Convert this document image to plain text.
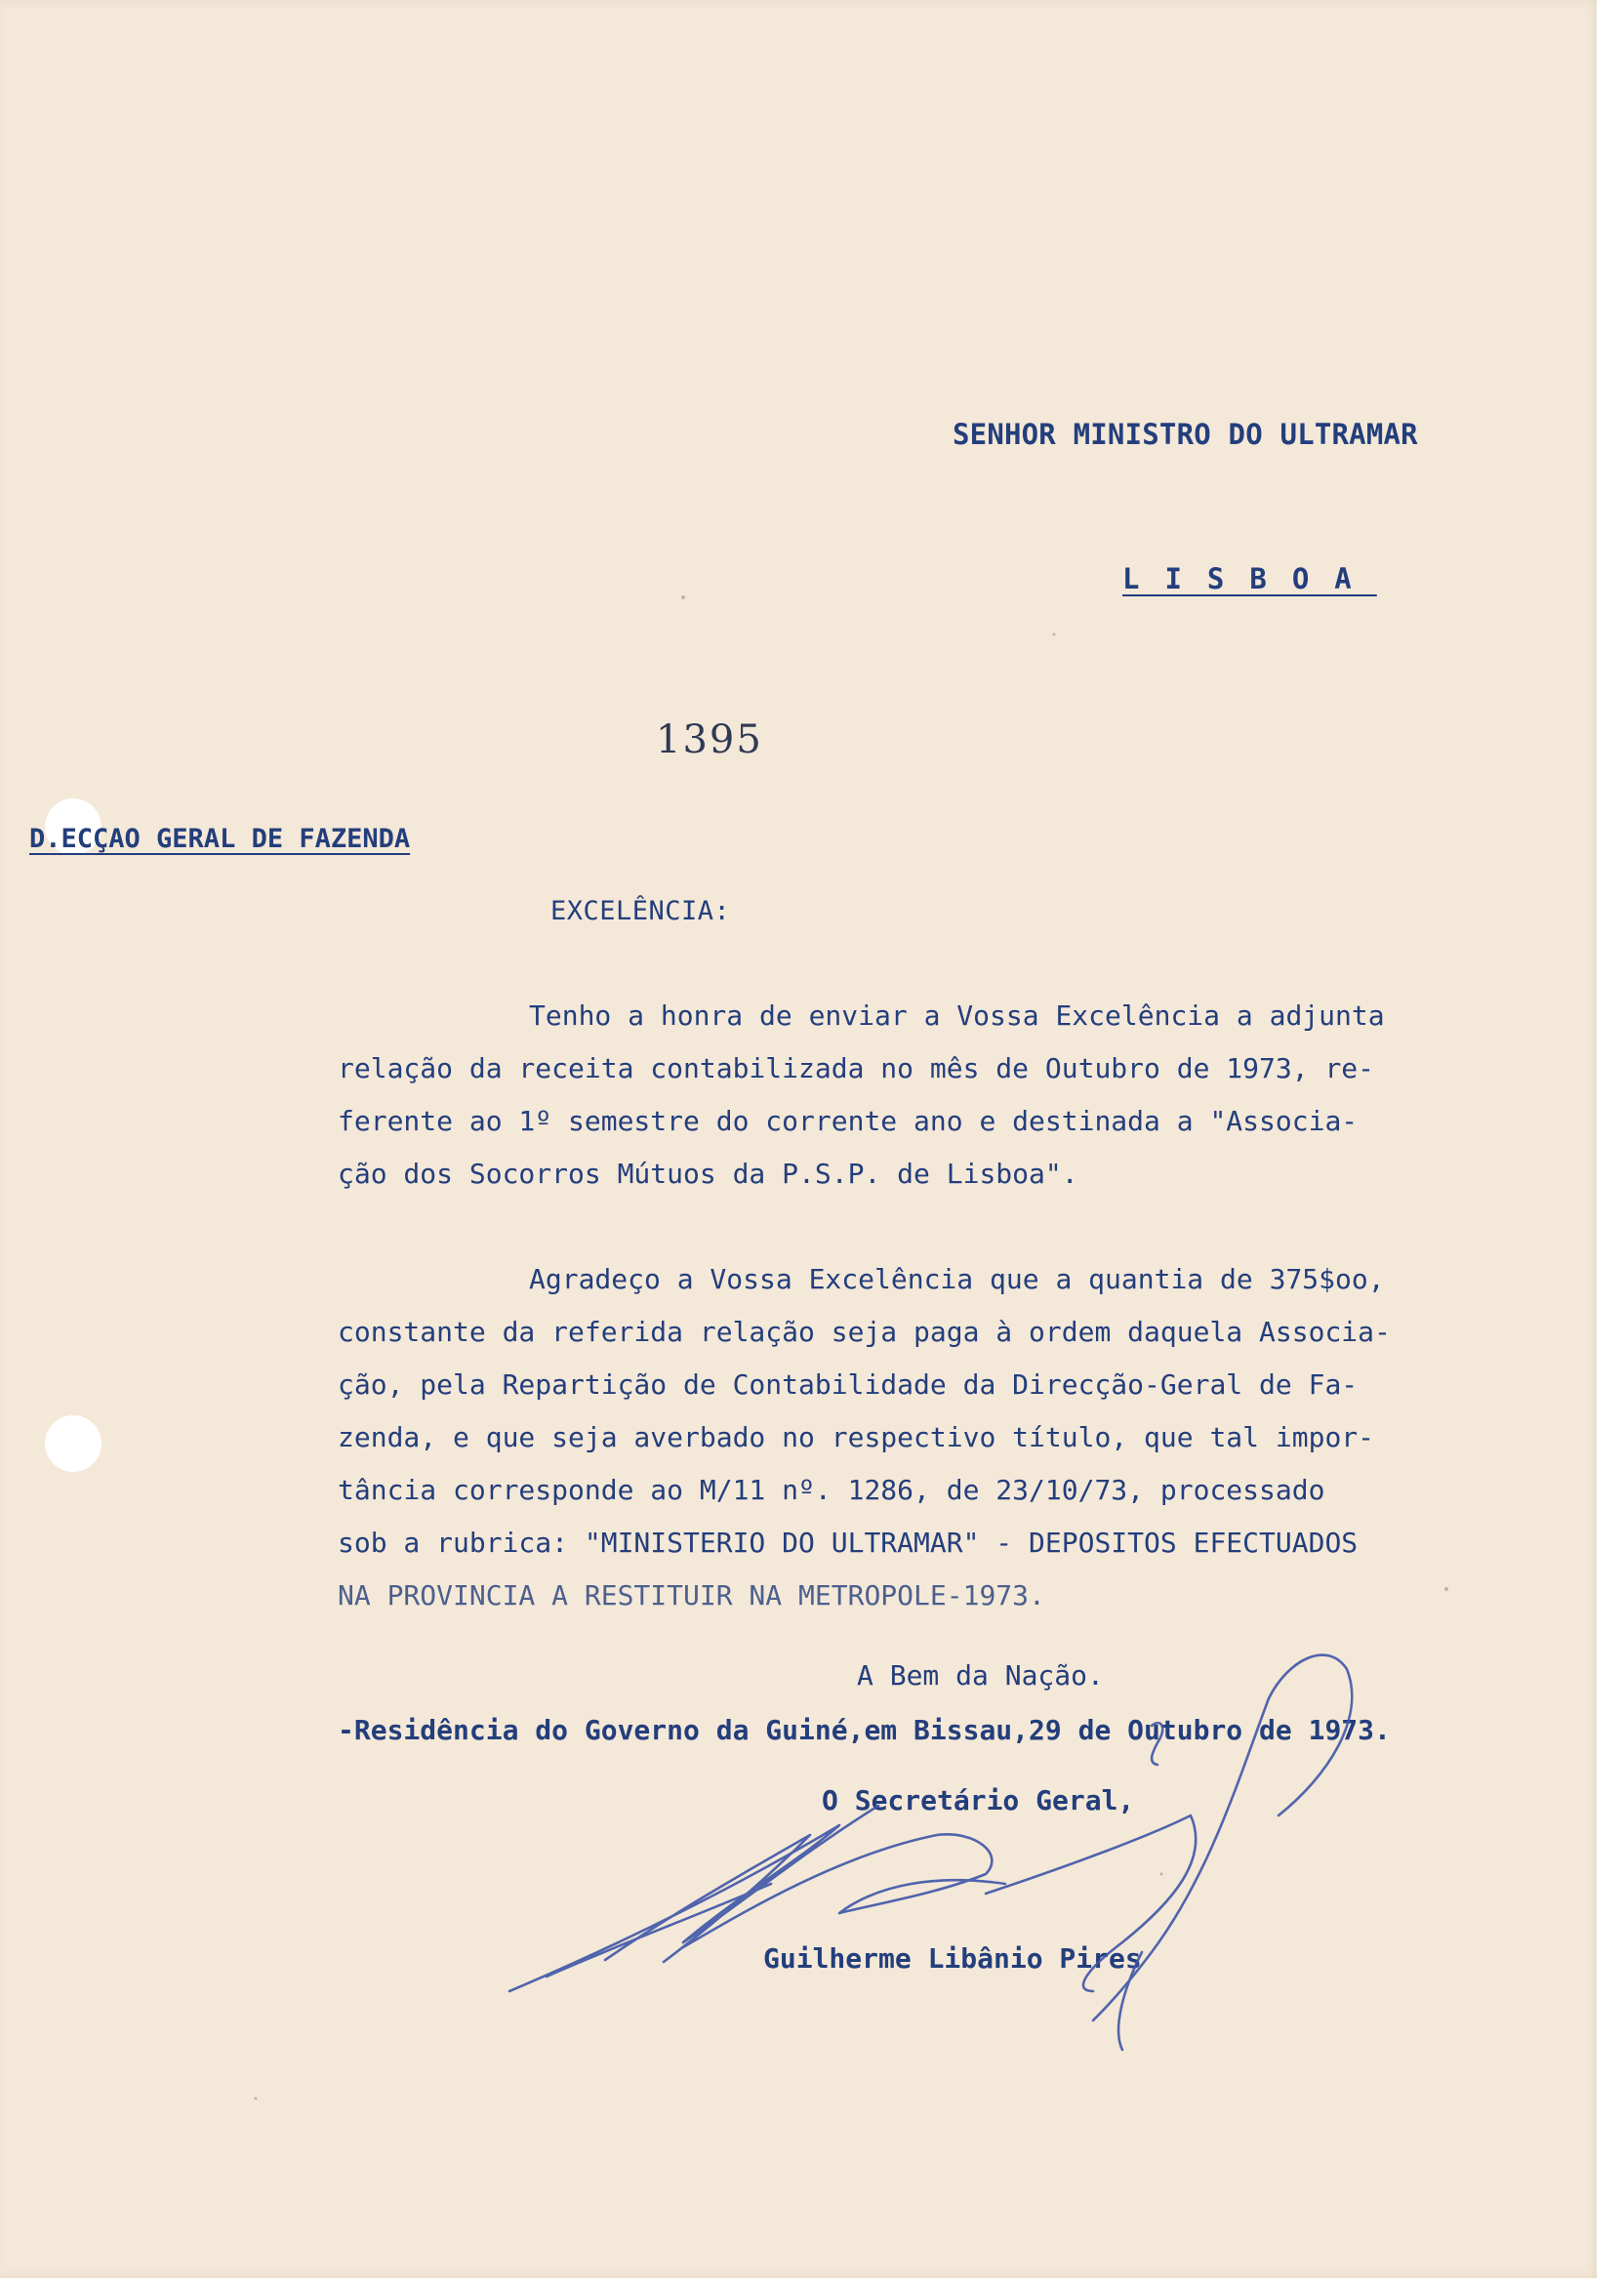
SENHOR MINISTRO DO ULTRAMAR
LISBOA
1395
D.ECÇAO GERAL DE FAZENDA
EXCELÊNCIA:
Tenho a honra de enviar a Vossa Excelência a adjunta
relação da receita contabilizada no mês de Outubro de 1973, re-
ferente ao 1º semestre do corrente ano e destinada a "Associa-
ção dos Socorros Mútuos da P.S.P. de Lisboa".
Agradeço a Vossa Excelência que a quantia de 375$oo,
constante da referida relação seja paga à ordem daquela Associa-
ção, pela Repartição de Contabilidade da Direcção-Geral de Fa-
zenda, e que seja averbado no respectivo título, que tal impor-
tância corresponde ao M/11 nº. 1286, de 23/10/73, processado
sob a rubrica: "MINISTERIO DO ULTRAMAR" - DEPOSITOS EFECTUADOS
NA PROVINCIA A RESTITUIR NA METROPOLE-1973.
A Bem da Nação.
-Residência do Governo da Guiné,em Bissau,29 de Outubro de 1973.
O Secretário Geral,
Guilherme Libânio Pires
